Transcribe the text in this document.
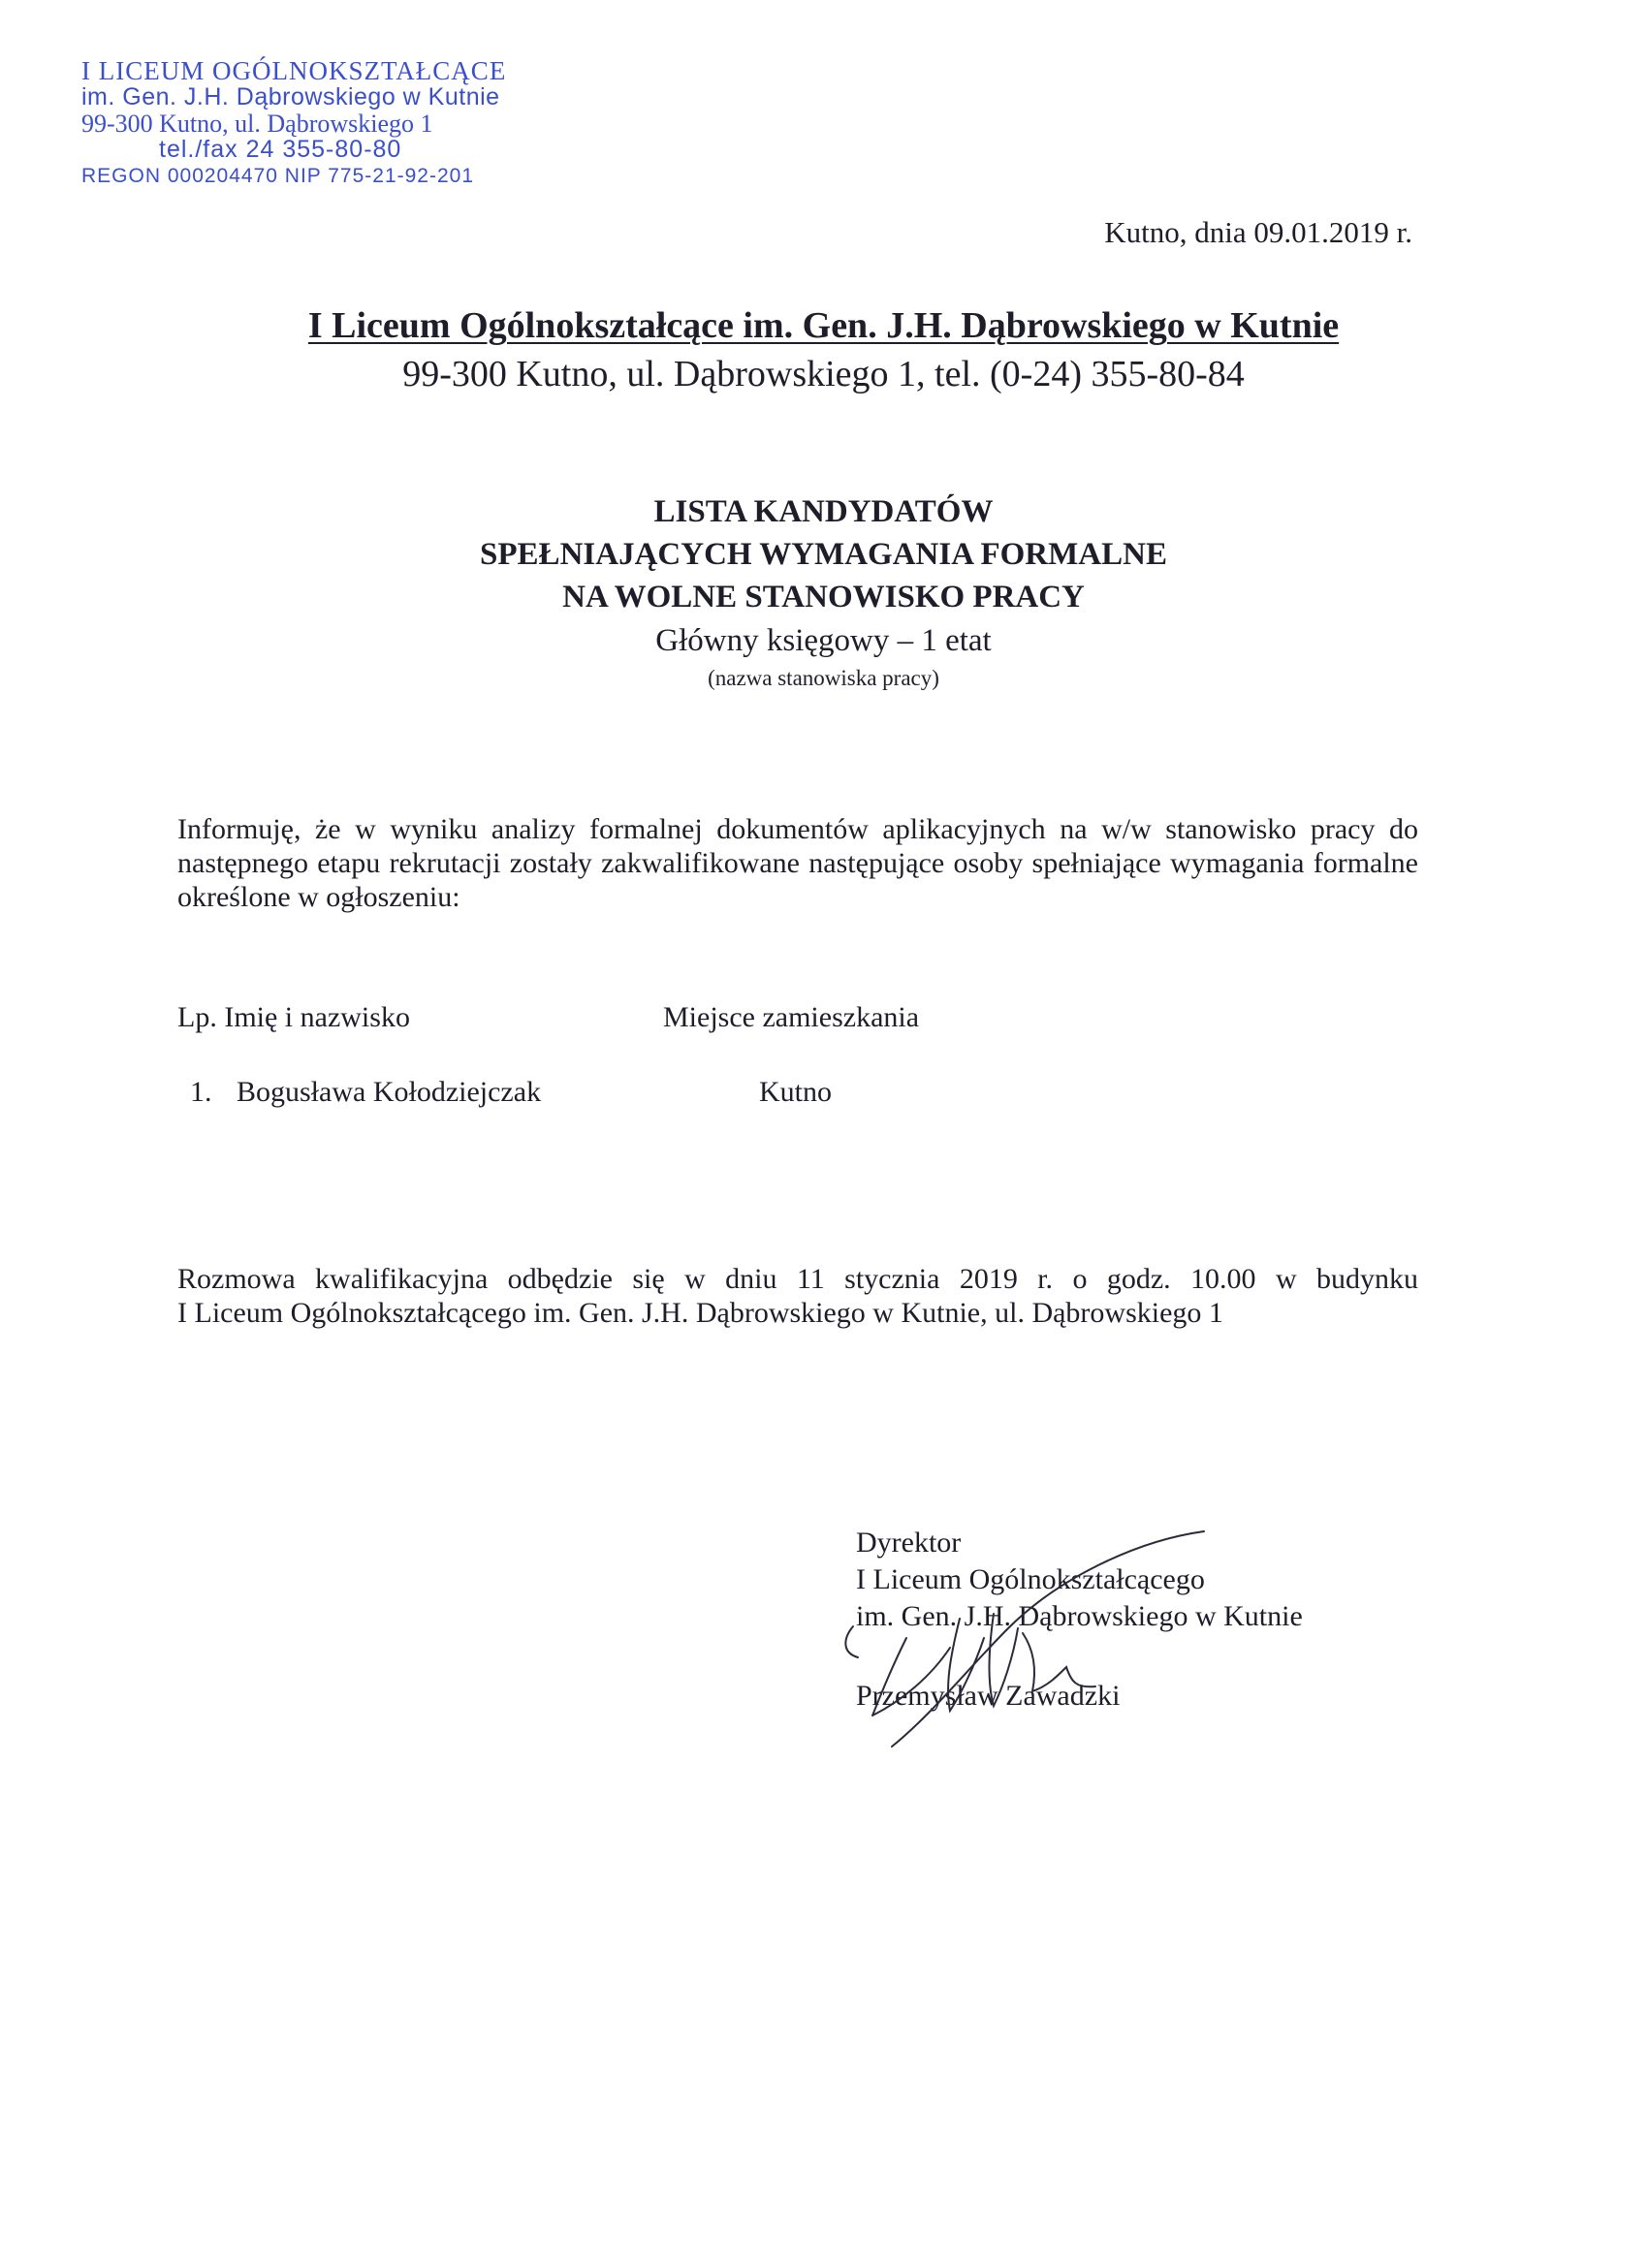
I LICEUM OGÓLNOKSZTAŁCĄCE
im. Gen. J.H. Dąbrowskiego w Kutnie
99-300 Kutno, ul. Dąbrowskiego 1
tel./fax 24 355-80-80
REGON 000204470 NIP 775-21-92-201
Kutno, dnia 09.01.2019 r.
I Liceum Ogólnokształcące im. Gen. J.H. Dąbrowskiego w Kutnie
99-300 Kutno, ul. Dąbrowskiego 1, tel. (0-24) 355-80-84
LISTA KANDYDATÓW
SPEŁNIAJĄCYCH WYMAGANIA FORMALNE
NA WOLNE STANOWISKO PRACY
Główny księgowy – 1 etat
(nazwa stanowiska pracy)

Informuję, że w wyniku analizy formalnej dokumentów aplikacyjnych na w/w stanowisko pracy do następnego etapu rekrutacji zostały zakwalifikowane następujące osoby spełniające wymagania formalne określone w ogłoszeniu:

Lp. Imię i nazwisko	Miejsce zamieszkania
1. Bogusława Kołodziejczak	Kutno
Rozmowa kwalifikacyjna odbędzie się w dniu 11 stycznia 2019 r. o godz. 10.00 w budynku
I Liceum Ogólnokształcącego im. Gen. J.H. Dąbrowskiego w Kutnie, ul. Dąbrowskiego 1
Dyrektor
I Liceum Ogólnokształcącego
im. Gen. J.H. Dąbrowskiego w Kutnie
Przemysław Zawadzki
